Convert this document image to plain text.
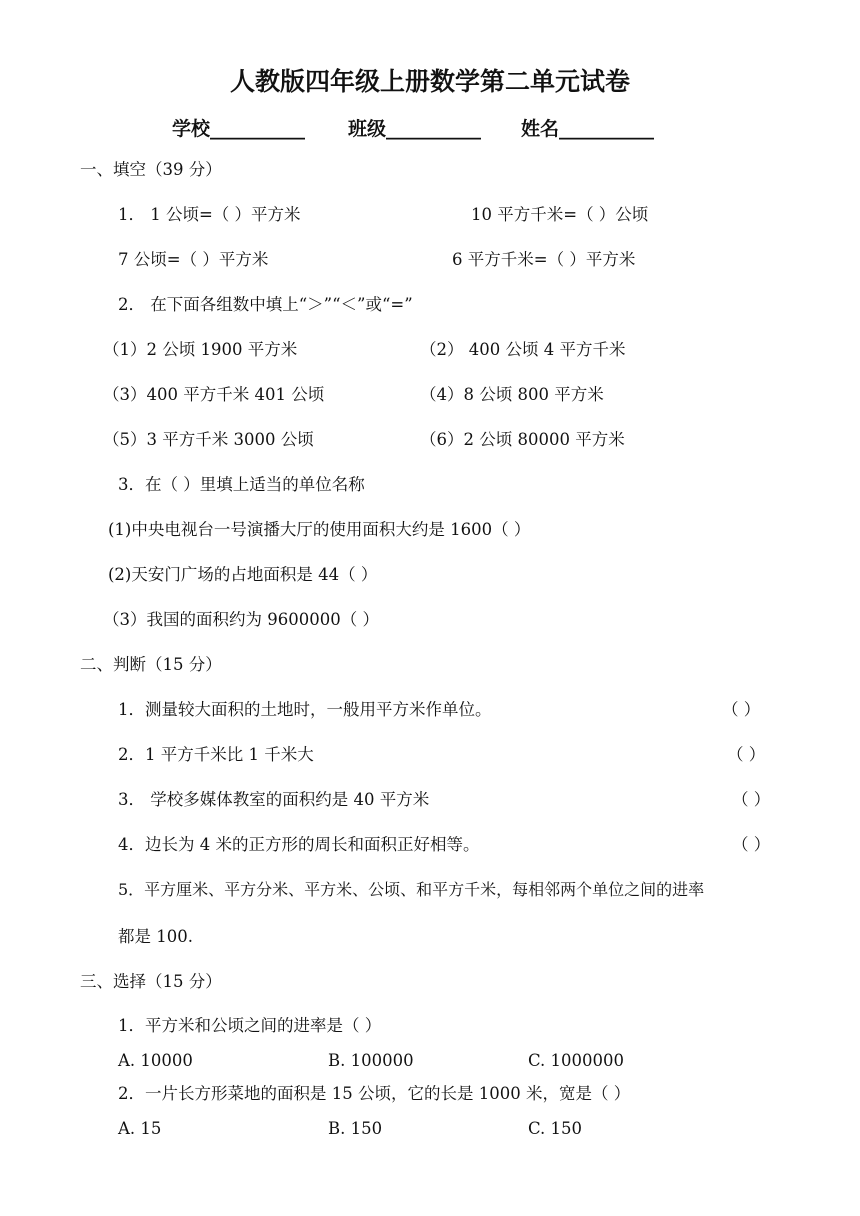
人教版四年级上册数学第二单元试卷
学校__________ 班级__________ 姓名__________
一、填空（39 分）
1． 1 公顷=（ ）平方米	10 平方千米=（ ）公顷
7 公顷=（ ）平方米	6 平方千米=（ ）平方米
2． 在下面各组数中填上“＞”“＜”或“=”
（1）2 公顷 1900 平方米	（2） 400 公顷 4 平方千米
（3）400 平方千米 401 公顷	（4）8 公顷 800 平方米
（5）3 平方千米 3000 公顷	（6）2 公顷 80000 平方米
3．在（ ）里填上适当的单位名称
(1)中央电视台一号演播大厅的使用面积大约是 1600（ ）
(2)天安门广场的占地面积是 44（ ）
（3）我国的面积约为 9600000（ ）
二、判断（15 分）
1．测量较大面积的土地时，一般用平方米作单位。	（ ）
2．1 平方千米比 1 千米大	（ ）
3． 学校多媒体教室的面积约是 40 平方米	（ ）
4．边长为 4 米的正方形的周长和面积正好相等。	（ ）
5．平方厘米、平方分米、平方米、公顷、和平方千米，每相邻两个单位之间的进率
都是 100.
三、选择（15 分）
1．平方米和公顷之间的进率是（ ）
A. 10000	B. 100000	C. 1000000
2．一片长方形菜地的面积是 15 公顷，它的长是 1000 米，宽是（ ）
A. 15	B. 150	C. 150
